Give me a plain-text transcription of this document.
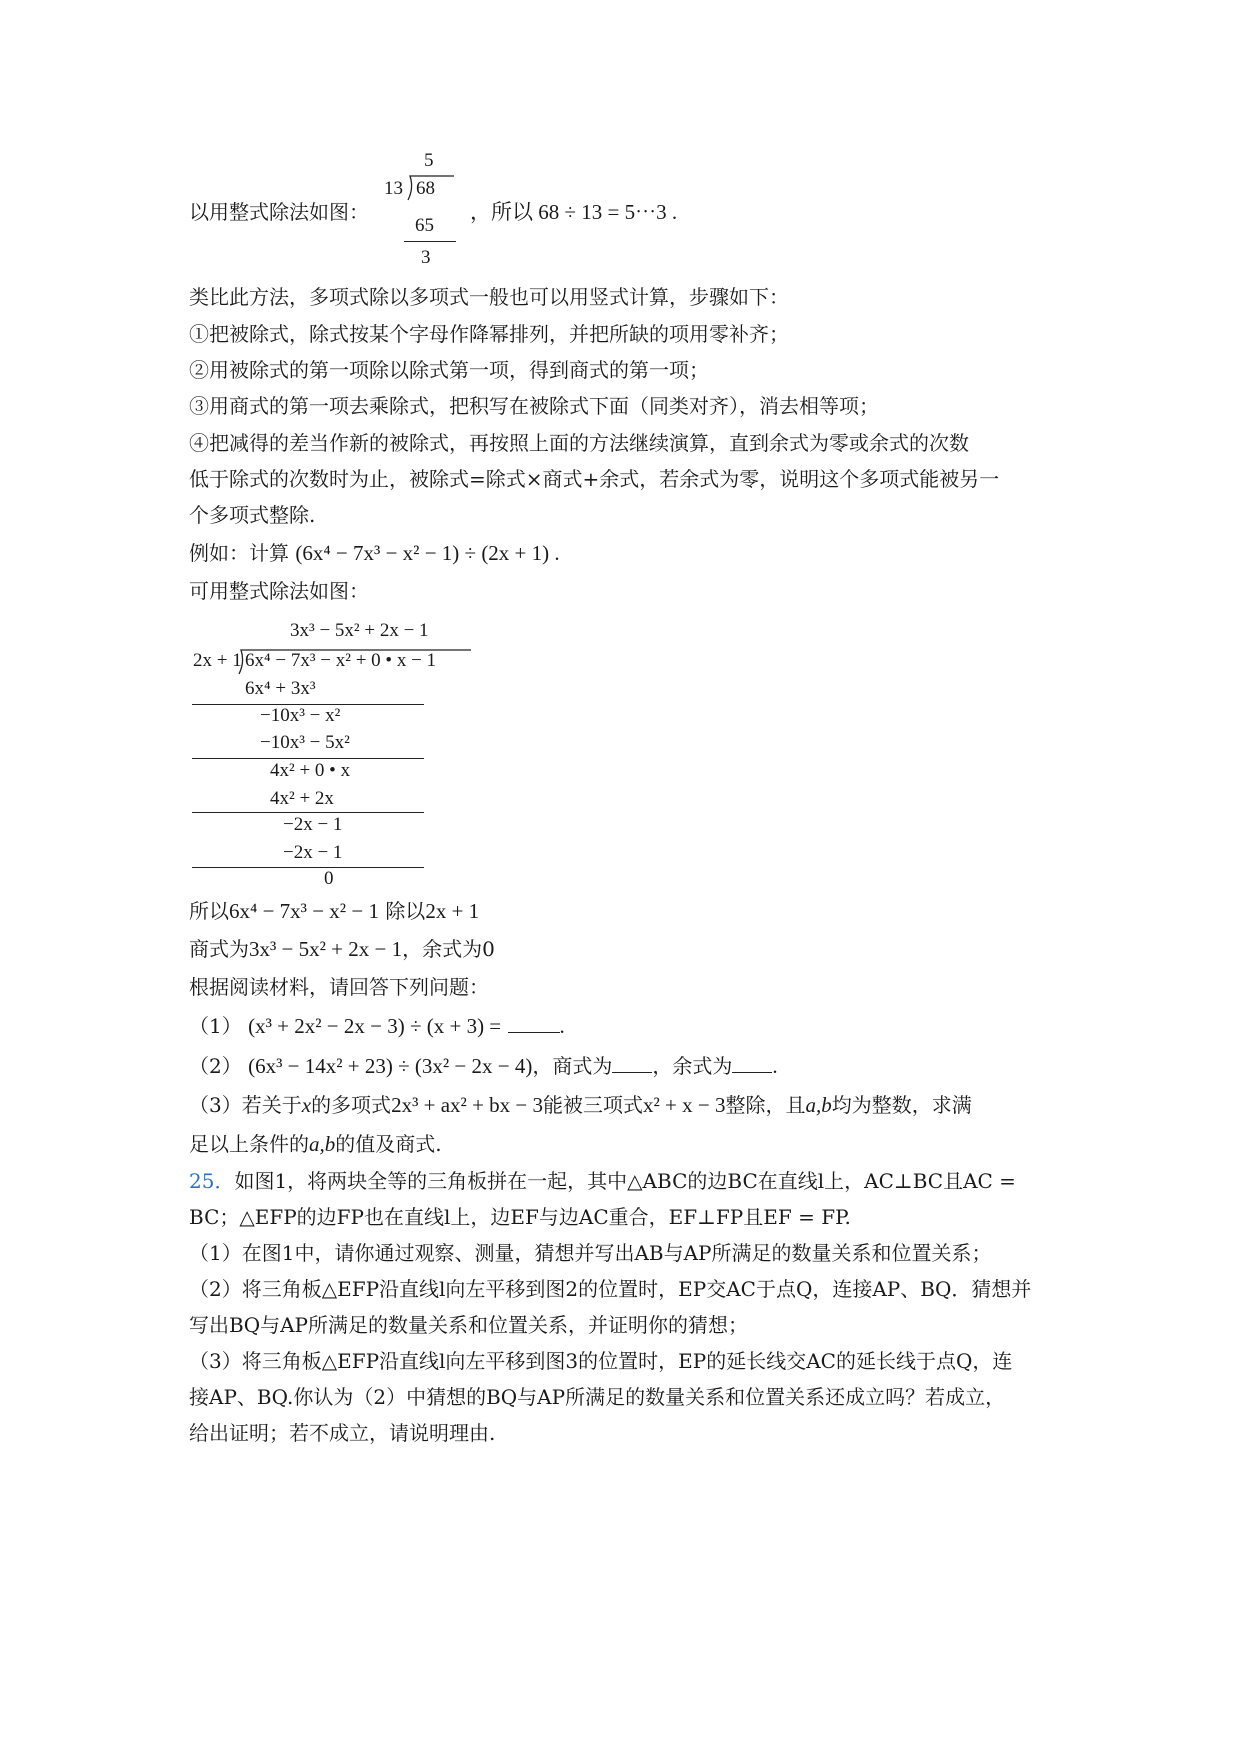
以用整式除法如图：
5
13 68
65
3
，所以 68 ÷ 13 = 5⋯3 .
类比此方法，多项式除以多项式一般也可以用竖式计算，步骤如下：
①把被除式，除式按某个字母作降幂排列，并把所缺的项用零补齐；
②用被除式的第一项除以除式第一项，得到商式的第一项；
③用商式的第一项去乘除式，把积写在被除式下面（同类对齐），消去相等项；
④把减得的差当作新的被除式，再按照上面的方法继续演算，直到余式为零或余式的次数
低于除式的次数时为止，被除式=除式×商式+余式，若余式为零，说明这个多项式能被另一
个多项式整除.
例如：计算 (6x⁴ − 7x³ − x² − 1) ÷ (2x + 1) .
可用整式除法如图：
3x³ − 5x² + 2x − 1
2x + 1 6x⁴ − 7x³ − x² + 0 • x − 1
6x⁴ + 3x³
−10x³ − x²
−10x³ − 5x²
4x² + 0 • x
4x² + 2x
−2x − 1
−2x − 1
0
所以6x⁴ − 7x³ − x² − 1 除以2x + 1
商式为3x³ − 5x² + 2x − 1，余式为0
根据阅读材料，请回答下列问题：
（1） (x³ + 2x² − 2x − 3) ÷ (x + 3) =	.
（2） (6x³ − 14x² + 23) ÷ (3x² − 2x − 4)，商式为 ，余式为 .
（3）若关于x的多项式2x³ + ax² + bx − 3能被三项式x² + x − 3整除，且a,b均为整数，求满
足以上条件的a,b的值及商式.
25．如图1，将两块全等的三角板拼在一起，其中△ABC的边BC在直线l上，AC⊥BC且AC =
BC；△EFP的边FP也在直线l上，边EF与边AC重合，EF⊥FP且EF = FP.
（1）在图1中，请你通过观察、测量，猜想并写出AB与AP所满足的数量关系和位置关系；
（2）将三角板△EFP沿直线l向左平移到图2的位置时，EP交AC于点Q，连接AP、BQ．猜想并
写出BQ与AP所满足的数量关系和位置关系，并证明你的猜想；
（3）将三角板△EFP沿直线l向左平移到图3的位置时，EP的延长线交AC的延长线于点Q，连
接AP、BQ.你认为（2）中猜想的BQ与AP所满足的数量关系和位置关系还成立吗？若成立，
给出证明；若不成立，请说明理由.
